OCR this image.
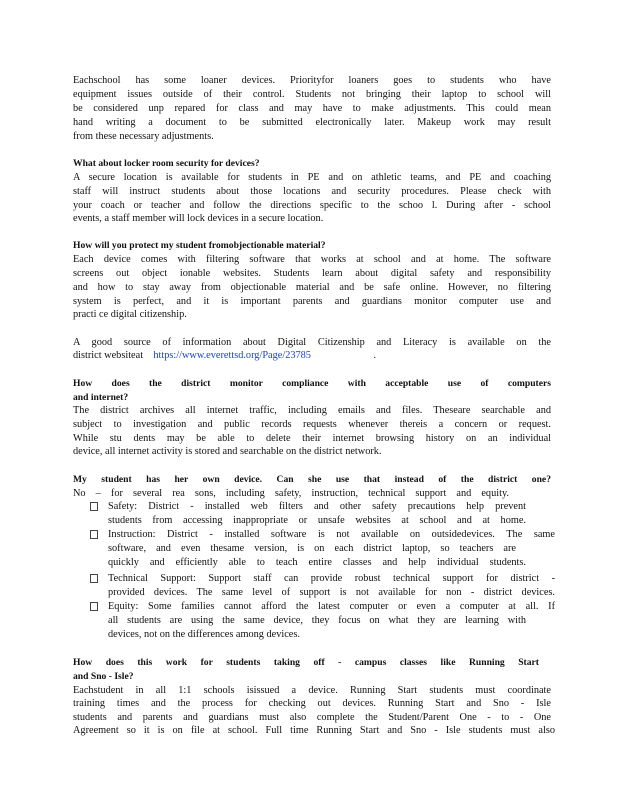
Eachschool has some loaner devices. Priorityfor loaners goes to students who have
equipment issues outside of their control. Students not bringing their laptop to school will
be considered unp repared for class and may have to make adjustments. This could mean
hand writing a document to be submitted electronically later. Makeup work may result
from these necessary adjustments.
What about locker room security for devices?
A secure location is available for students in PE and on athletic teams, and PE and coaching
staff will instruct students about those locations and security procedures. Please check with
your coach or teacher and follow the directions specific to the schoo l. During after - school
events, a staff member will lock devices in a secure location.
How will you protect my student fromobjectionable material?
Each device comes with filtering software that works at school and at home. The software
screens out object ionable websites. Students learn about digital safety and responsibility
and how to stay away from objectionable material and be safe online. However, no filtering
system is perfect, and it is important parents and guardians monitor computer use and
practi ce digital citizenship.
A good source of information about Digital Citizenship and Literacy is available on the
district websiteat https://www.everettsd.org/Page/23785	.
How does the district monitor compliance with acceptable use of computers
and internet?
The district archives all internet traffic, including emails and files. Theseare searchable and
subject to investigation and public records requests whenever thereis a concern or request.
While stu dents may be able to delete their internet browsing history on an individual
device, all internet activity is stored and searchable on the district network.
My student has her own device. Can she use that instead of the district one?
No – for several rea sons, including safety, instruction, technical support and equity.
Safety: District - installed web filters and other safety precautions help prevent
students from accessing inappropriate or unsafe websites at school and at home.
Instruction: District - installed software is not available on outsidedevices. The same
software, and even thesame version, is on each district laptop, so teachers are
quickly and efficiently able to teach entire classes and help individual students.
Technical Support: Support staff can provide robust technical support for district -
provided devices. The same level of support is not available for non - district devices.
Equity: Some families cannot afford the latest computer or even a computer at all. If
all students are using the same device, they focus on what they are learning with
devices, not on the differences among devices.
How does this work for students taking off - campus classes like Running Start
and Sno - Isle?
Eachstudent in all 1:1 schools isissued a device. Running Start students must coordinate
training times and the process for checking out devices. Running Start and Sno - Isle
students and parents and guardians must also complete the Student/Parent One - to - One
Agreement so it is on file at school. Full time Running Start and Sno - Isle students must also
